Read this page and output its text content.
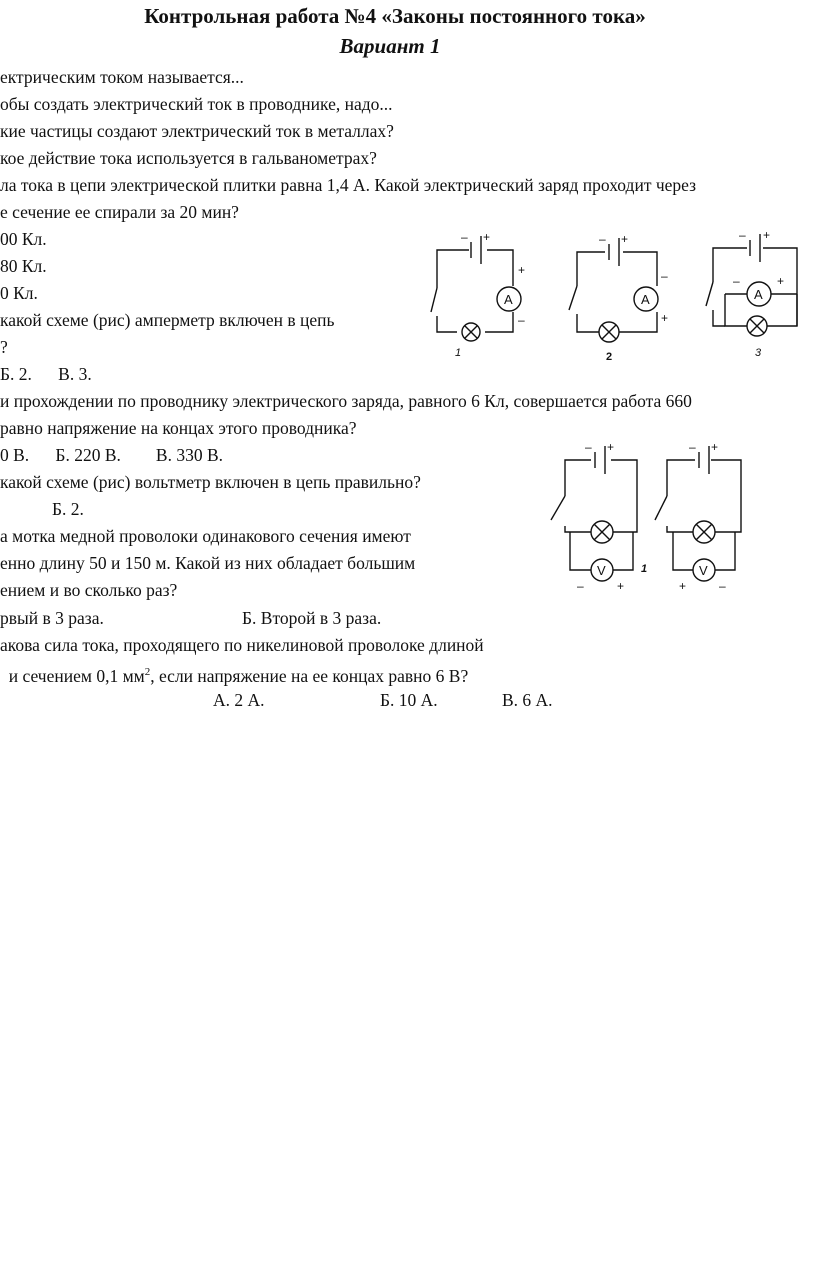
Контрольная работа №4 «Законы постоянного тока»
Вариант 1
ектрическим током называется...
обы создать электрический ток в проводнике, надо...
кие частицы создают электрический ток в металлах?
кое действие тока используется в гальванометрах?
ла тока в цепи электрической плитки равна 1,4 А. Какой электрический заряд проходит через
е сечение ее спирали за 20 мин?
00 Кл.
80 Кл.
0 Кл.
какой схеме (рис) амперметр включен в цепь
?
Б. 2.      В. 3.
и прохождении по проводнику электрического заряда, равного 6 Кл, совершается работа 660
равно напряжение на концах этого проводника?
0 В.      Б. 220 В.        В. 330 В.
какой схеме (рис) вольтметр включен в цепь правильно?
Б. 2.
а мотка медной проволоки одинакового сечения имеют
енно длину 50 и 150 м. Какой из них обладает большим
ением и во сколько раз?
рвый в 3 раза.	Б. Второй в 3 раза.
акова сила тока, проходящего по никелиновой проволоке длиной
и сечением 0,1 $мм^2$, если напряжение на ее концах равно 6 В?
А. 2 А.	Б. 10 А.	В. 6 А.
A
– +
+
–
1
A
– +
–
+
2
A
– +
–	+
3
V
– +
–	+
1	V
– +
+	–
